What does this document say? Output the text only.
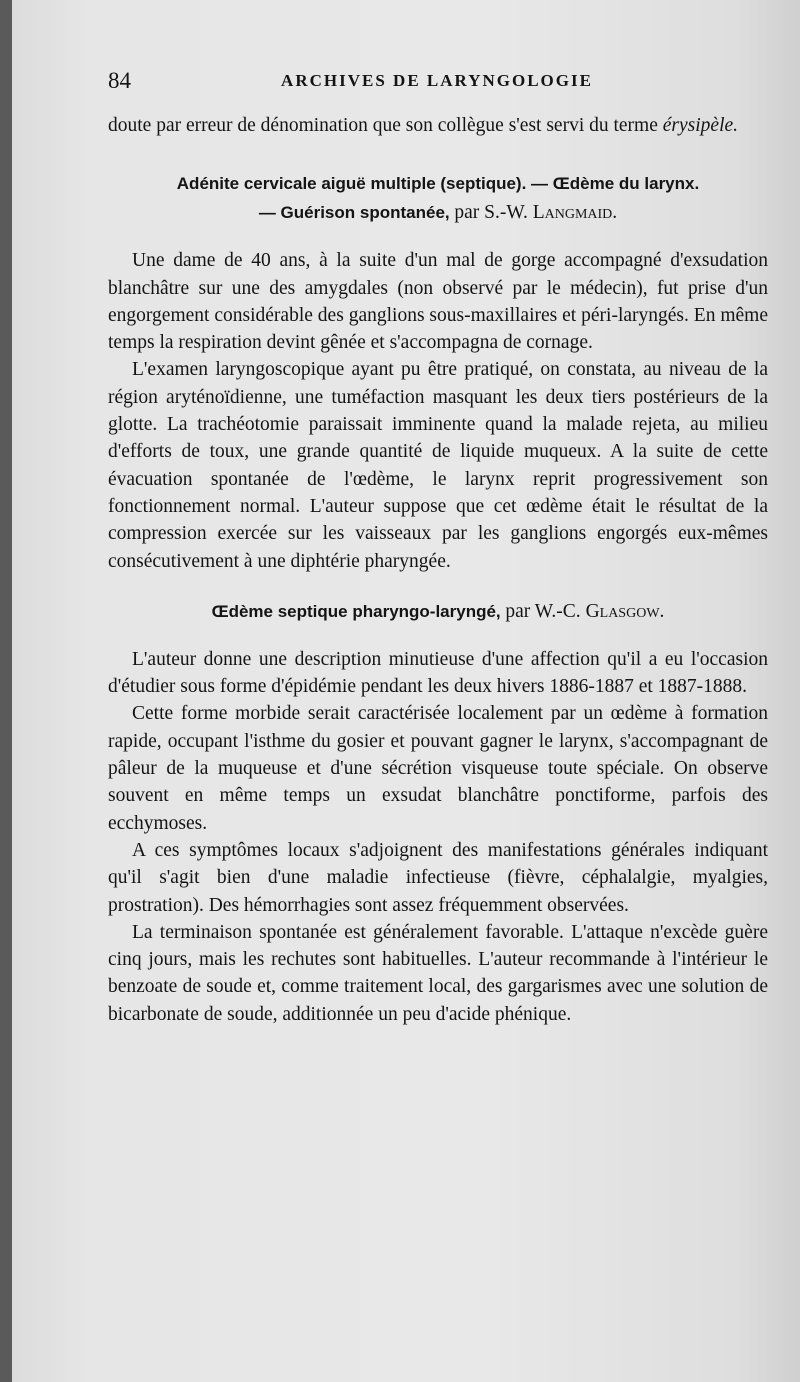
84	ARCHIVES DE LARYNGOLOGIE

doute par erreur de dénomination que son collègue s'est servi du terme érysipèle.

Adénite cervicale aiguë multiple (septique). — Œdème du larynx.
— Guérison spontanée, par S.-W. Langmaid.

Une dame de 40 ans, à la suite d'un mal de gorge accompagné d'exsudation blanchâtre sur une des amygdales (non observé par le médecin), fut prise d'un engorgement considérable des ganglions sous-maxillaires et péri-laryngés. En même temps la respiration devint gênée et s'accompagna de cornage.

L'examen laryngoscopique ayant pu être pratiqué, on constata, au niveau de la région aryténoïdienne, une tuméfaction masquant les deux tiers postérieurs de la glotte. La trachéotomie paraissait imminente quand la malade rejeta, au milieu d'efforts de toux, une grande quantité de liquide muqueux. A la suite de cette évacuation spontanée de l'œdème, le larynx reprit progressivement son fonctionnement normal. L'auteur suppose que cet œdème était le résultat de la compression exercée sur les vaisseaux par les ganglions engorgés eux-mêmes consécutivement à une diphtérie pharyngée.

Œdème septique pharyngo-laryngé, par W.-C. Glasgow.

L'auteur donne une description minutieuse d'une affection qu'il a eu l'occasion d'étudier sous forme d'épidémie pendant les deux hivers 1886-1887 et 1887-1888.

Cette forme morbide serait caractérisée localement par un œdème à formation rapide, occupant l'isthme du gosier et pouvant gagner le larynx, s'accompagnant de pâleur de la muqueuse et d'une sécrétion visqueuse toute spéciale. On observe souvent en même temps un exsudat blanchâtre ponctiforme, parfois des ecchymoses.

A ces symptômes locaux s'adjoignent des manifestations générales indiquant qu'il s'agit bien d'une maladie infectieuse (fièvre, céphalalgie, myalgies, prostration). Des hémorrhagies sont assez fréquemment observées.

La terminaison spontanée est généralement favorable. L'attaque n'excède guère cinq jours, mais les rechutes sont habituelles. L'auteur recommande à l'intérieur le benzoate de soude et, comme traitement local, des gargarismes avec une solution de bicarbonate de soude, additionnée un peu d'acide phénique.
